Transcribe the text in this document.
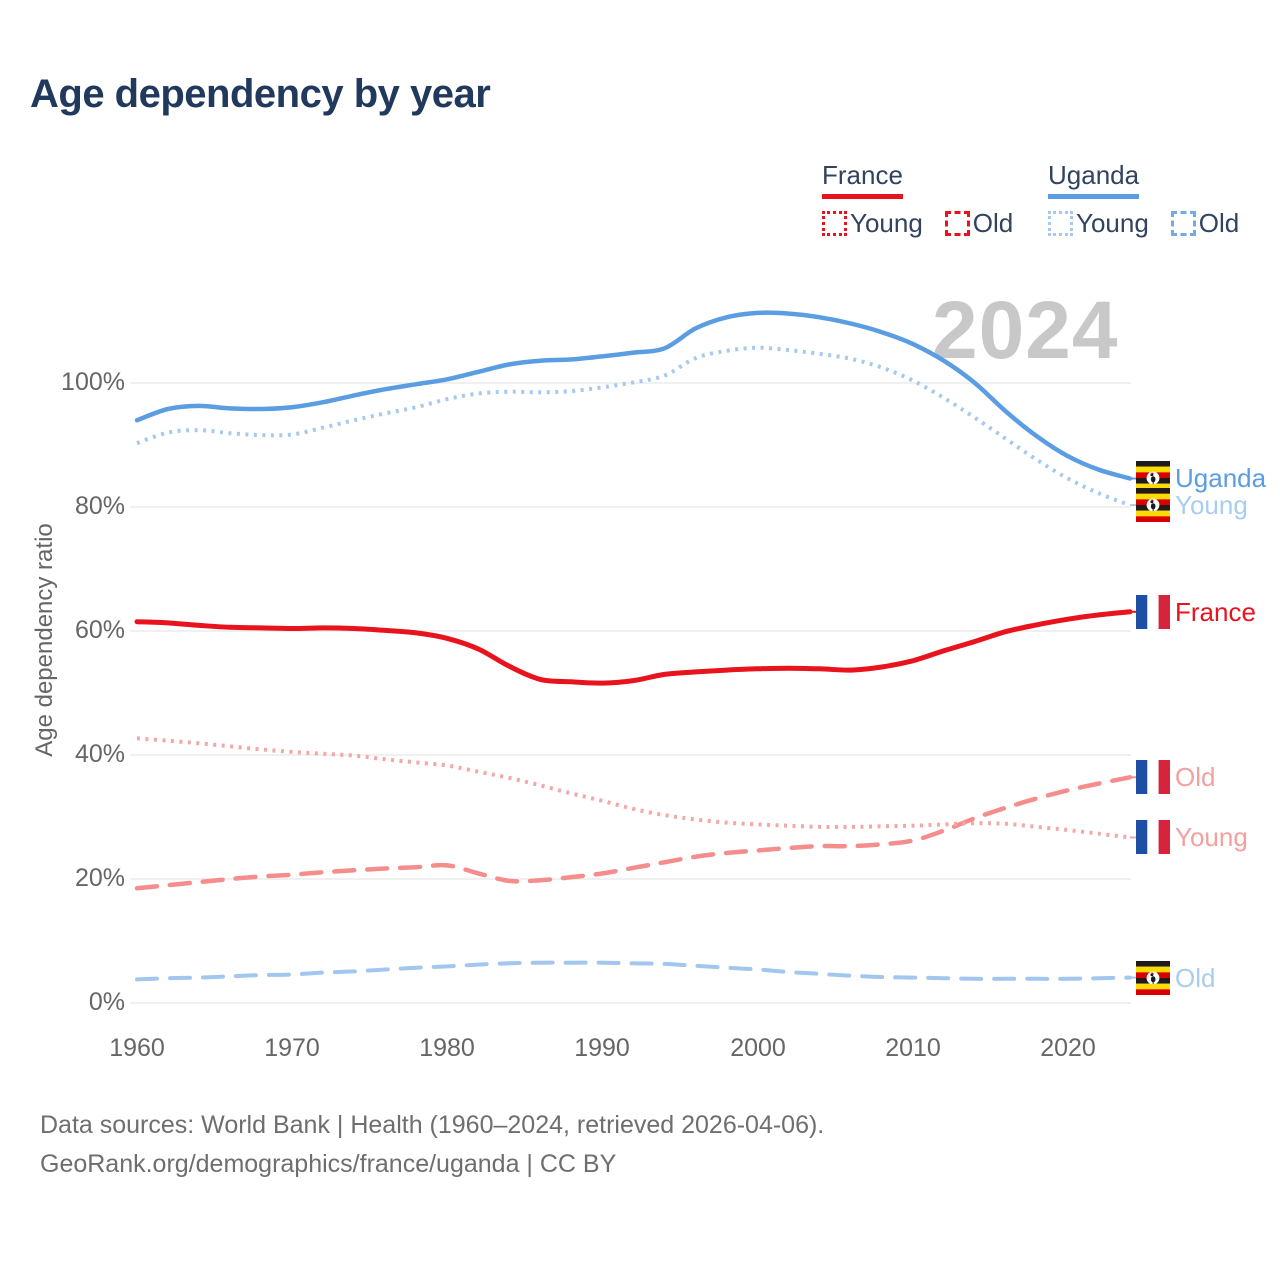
Age dependency by year
France
Young Old
Uganda
Young Old
2024
Age dependency ratio
Uganda
Young
France
Old
Young
Old
0%
20%
40%
60%
80%
100%
1960	1970	1980	1990	2000	2010	2020
Data sources: World Bank | Health (1960–2024, retrieved 2026-04-06).
GeoRank.org/demographics/france/uganda | CC BY
